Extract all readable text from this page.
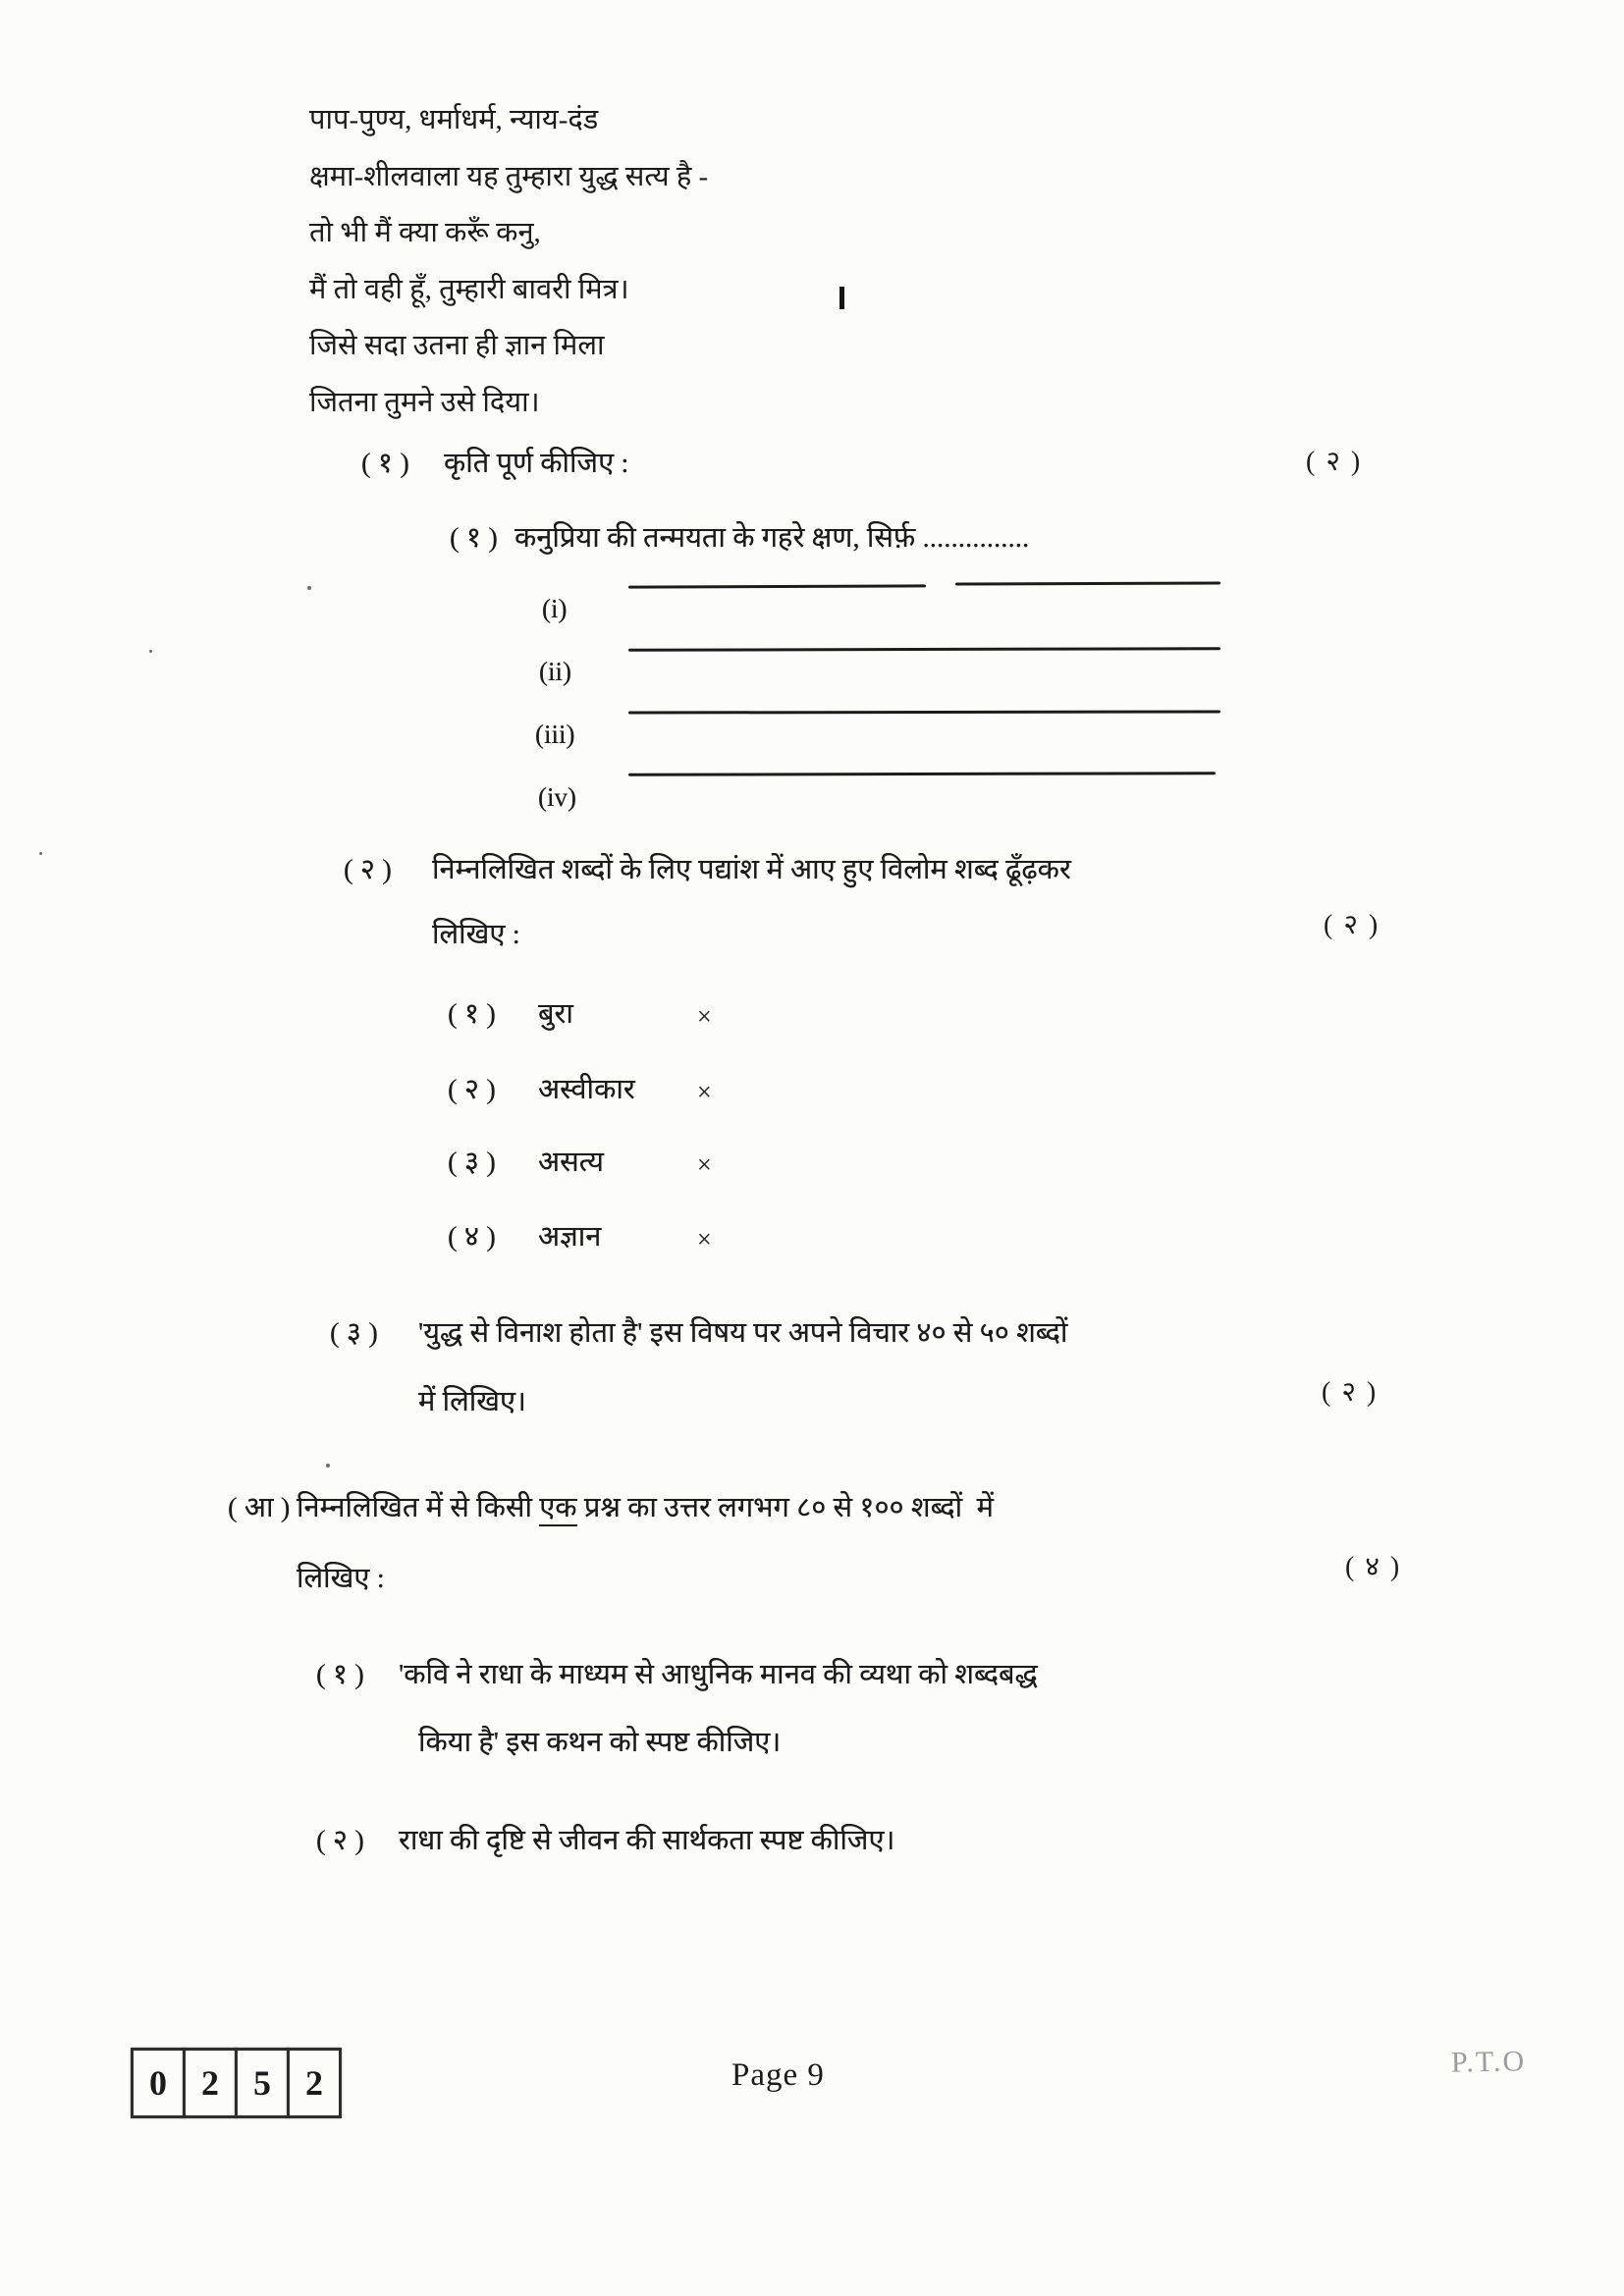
पाप-पुण्य, धर्माधर्म, न्याय-दंड
क्षमा-शीलवाला यह तुम्हारा युद्ध सत्य है -
तो भी मैं क्या करूँ कनु,
मैं तो वही हूँ, तुम्हारी बावरी मित्र।
जिसे सदा उतना ही ज्ञान मिला
जितना तुमने उसे दिया।
( १ ) कृति पूर्ण कीजिए :	( २ )
( १ ) कनुप्रिया की तन्मयता के गहरे क्षण, सिर्फ़ ...............
(i)
(ii)
(iii)
(iv)
( २ ) निम्नलिखित शब्दों के लिए पद्यांश में आए हुए विलोम शब्द ढूँढ़कर
लिखिए :	( २ )
( १ ) बुरा	×
( २ ) अस्वीकार ×
( ३ ) असत्य	×
( ४ ) अज्ञान	×
( ३ ) 'युद्ध से विनाश होता है' इस विषय पर अपने विचार ४० से ५० शब्दों
में लिखिए।	( २ )
( आ ) निम्नलिखित में से किसी एक प्रश्न का उत्तर लगभग ८० से १०० शब्दों  में
लिखिए :	( ४ )
( १ ) 'कवि ने राधा के माध्यम से आधुनिक मानव की व्यथा को शब्दबद्ध
किया है' इस कथन को स्पष्ट कीजिए।
( २ ) राधा की दृष्टि से जीवन की सार्थकता स्पष्ट कीजिए।
0 2 5 2	Page 9	P.T.O
